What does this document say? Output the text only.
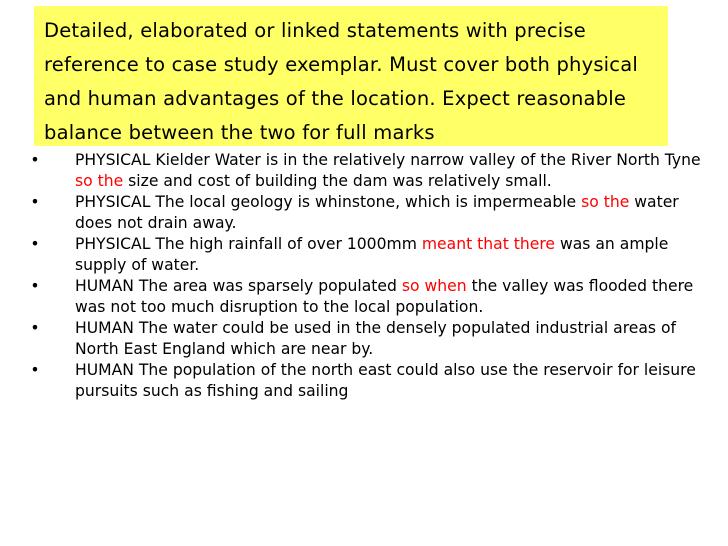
Detailed, elaborated or linked statements with precise reference to case study exemplar. Must cover both physical and human advantages of the location. Expect reasonable balance between the two for full marks
• PHYSICAL Kielder Water is in the relatively narrow valley of the River North Tyne so the size and cost of building the dam was relatively small.
• PHYSICAL The local geology is whinstone, which is impermeable so the water does not drain away.
• PHYSICAL The high rainfall of over 1000mm meant that there was an ample supply of water.
• HUMAN The area was sparsely populated so when the valley was flooded there was not too much disruption to the local population.
• HUMAN The water could be used in the densely populated industrial areas of North East England which are near by.
• HUMAN The population of the north east could also use the reservoir for leisure pursuits such as fishing and sailing
